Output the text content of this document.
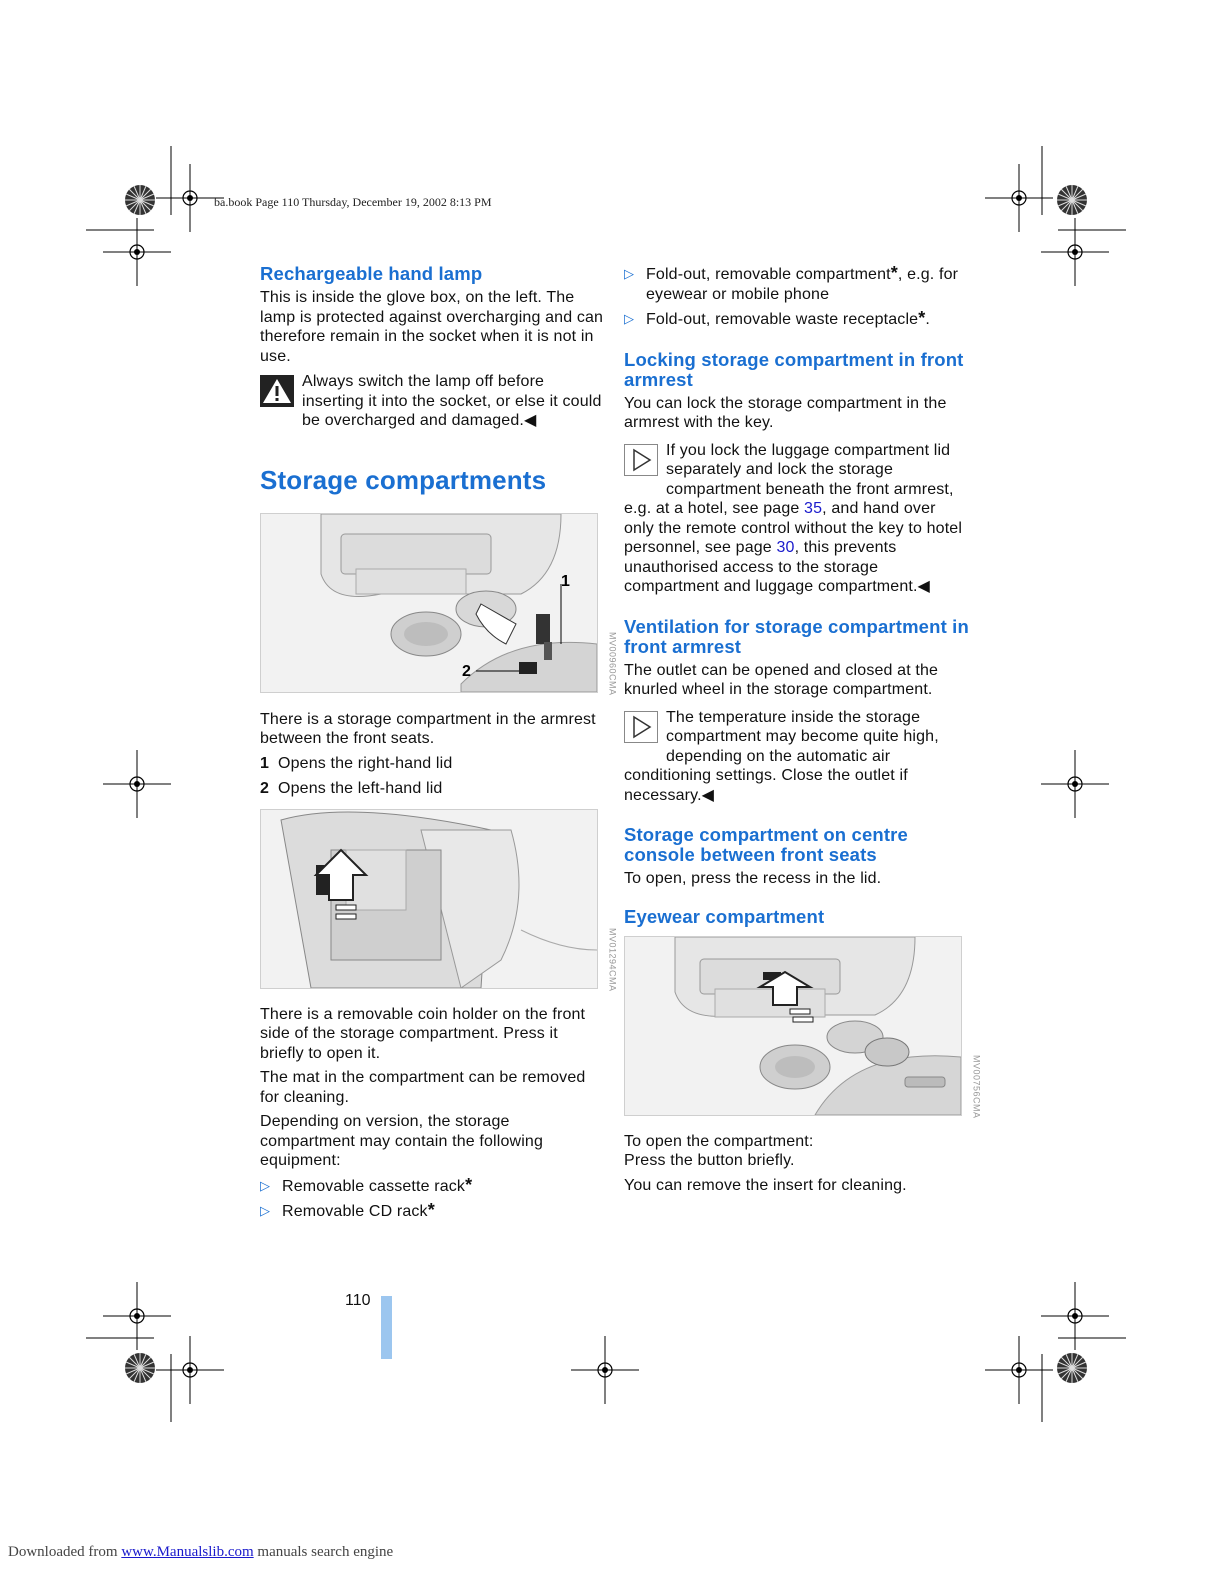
ba.book Page 110 Thursday, December 19, 2002 8:13 PM
Rechargeable hand lamp

This is inside the glove box, on the left. The lamp is protected against overcharging and can therefore remain in the socket when it is not in use.

Always switch the lamp off before inserting it into the socket, or else it could be overcharged and damaged.◀
Storage compartments
1
2	MV00960CMA

There is a storage compartment in the armrest between the front seats.

1 Opens the right-hand lid
2 Opens the left-hand lid
MV01294CMA

There is a removable coin holder on the front side of the storage compartment. Press it briefly to open it.

The mat in the compartment can be removed for cleaning.

Depending on version, the storage compartment may contain the following equipment:

▷ Removable cassette rack*
▷ Removable CD rack*
▷ Fold-out, removable compartment*, e.g. for eyewear or mobile phone
▷ Fold-out, removable waste receptacle*.
Locking storage compartment in front armrest

You can lock the storage compartment in the armrest with the key.

If you lock the luggage compartment lid separately and lock the storage compartment beneath the front armrest, e.g. at a hotel, see page 35, and hand over only the remote control without the key to hotel personnel, see page 30, this prevents unauthorised access to the storage compartment and luggage compartment.◀
Ventilation for storage compartment in front armrest

The outlet can be opened and closed at the knurled wheel in the storage compartment.

The temperature inside the storage compartment may become quite high, depending on the automatic air conditioning settings. Close the outlet if necessary.◀
Storage compartment on centre console between front seats

To open, press the recess in the lid.

Eyewear compartment
MV00756CMA

To open the compartment:

Press the button briefly.

You can remove the insert for cleaning.

110
Downloaded from www.Manualslib.com manuals search engine
